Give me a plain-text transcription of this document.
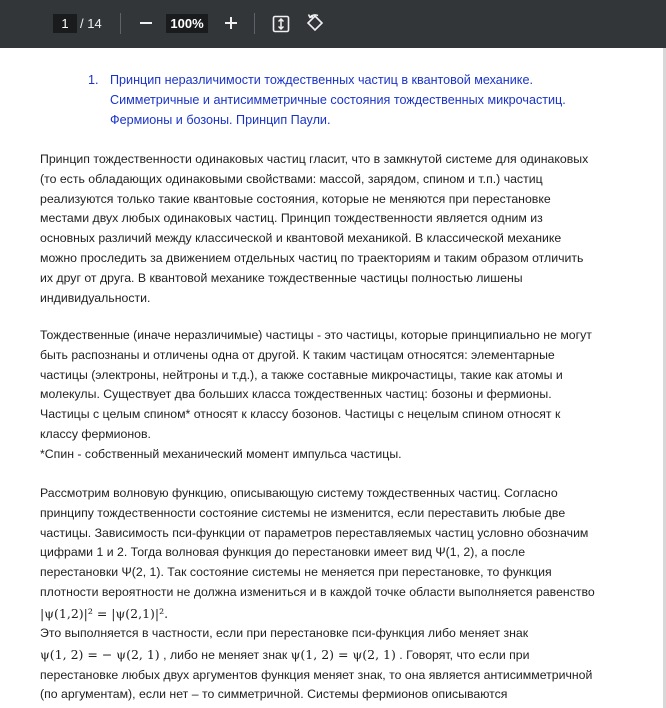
1 / 14	100%
1. Принцип неразличимости тождественных частиц в квантовой механике.
Симметричные и антисимметричные состояния тождественных микрочастиц.
Фермионы и бозоны. Принцип Паули.
Принцип тождественности одинаковых частиц гласит, что в замкнутой системе для одинаковых
(то есть обладающих одинаковыми свойствами: массой, зарядом, спином и т.п.) частиц
реализуются только такие квантовые состояния, которые не меняются при перестановке
местами двух любых одинаковых частиц. Принцип тождественности является одним из
основных различий между классической и квантовой механикой. В классической механике
можно проследить за движением отдельных частиц по траекториям и таким образом отличить
их друг от друга. В квантовой механике тождественные частицы полностью лишены
индивидуальности.
Тождественные (иначе неразличимые) частицы - это частицы, которые принципиально не могут
быть распознаны и отличены одна от другой. К таким частицам относятся: элементарные
частицы (электроны, нейтроны и т.д.), а также составные микрочастицы, такие как атомы и
молекулы. Существует два больших класса тождественных частиц: бозоны и фермионы.
Частицы с целым спином* относят к классу бозонов. Частицы с нецелым спином относят к
классу фермионов.
*Спин - собственный механический момент импульса частицы.
Рассмотрим волновую функцию, описывающую систему тождественных частиц. Согласно
принципу тождественности состояние системы не изменится, если переставить любые две
частицы. Зависимость пси-функции от параметров переставляемых частиц условно обозначим
цифрами 1 и 2. Тогда волновая функция до перестановки имеет вид Ψ(1, 2), а после
перестановки Ψ(2, 1). Так состояние системы не меняется при перестановке, то функция
плотности вероятности не должна измениться и в каждой точке области выполняется равенство
|ψ(1,2)|² = |ψ(2,1)|².
Это выполняется в частности, если при перестановке пси-функция либо меняет знак
ψ(1, 2) = − ψ(2, 1) , либо не меняет знак ψ(1, 2) = ψ(2, 1) . Говорят, что если при
перестановке любых двух аргументов функция меняет знак, то она является антисимметричной
(по аргументам), если нет – то симметричной. Системы фермионов описываются
